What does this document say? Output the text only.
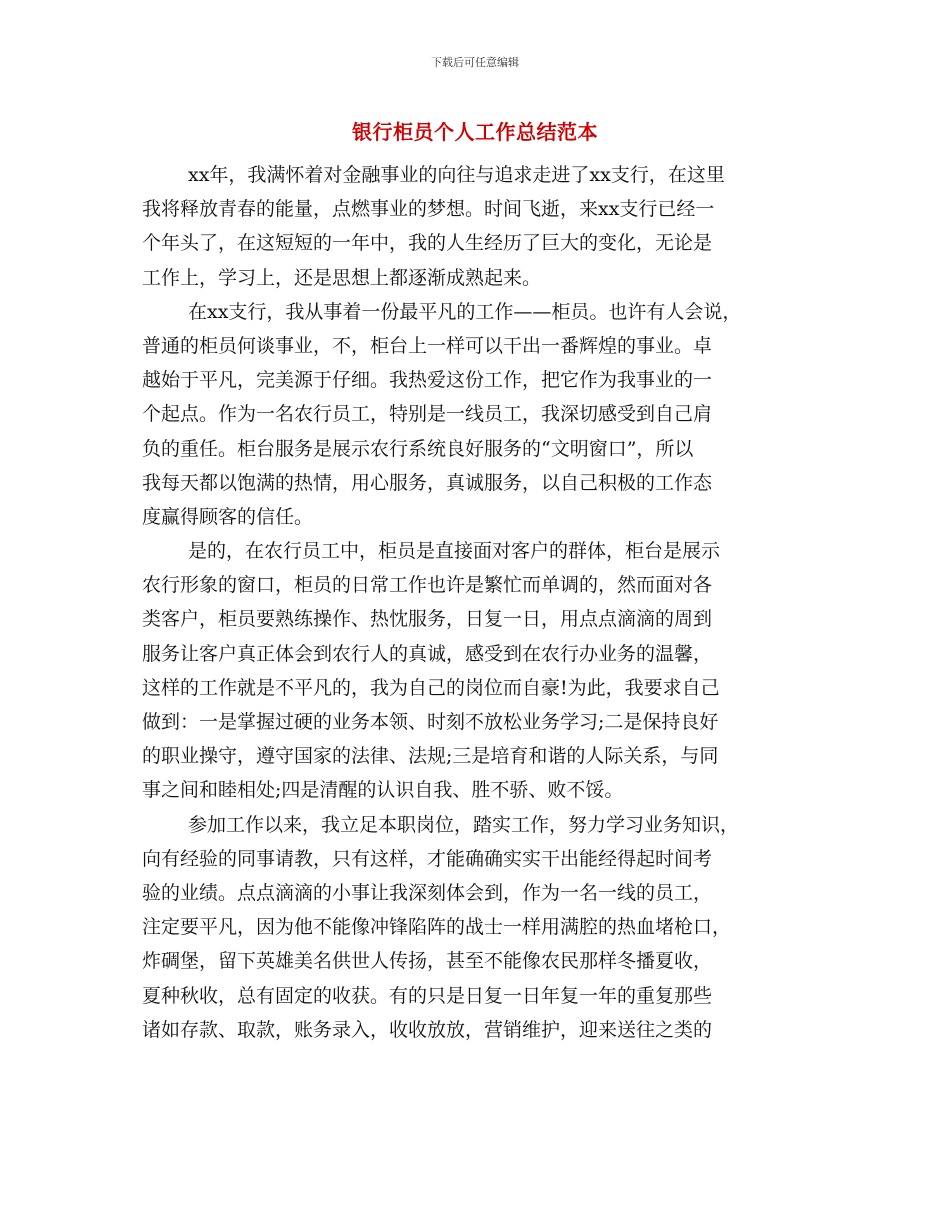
下载后可任意编辑
银行柜员个人工作总结范本
xx年，我满怀着对金融事业的向往与追求走进了xx支行，在这里
我将释放青春的能量，点燃事业的梦想。时间飞逝，来xx支行已经一
个年头了，在这短短的一年中，我的人生经历了巨大的变化，无论是
工作上，学习上，还是思想上都逐渐成熟起来。
在xx支行，我从事着一份最平凡的工作——柜员。也许有人会说，
普通的柜员何谈事业，不，柜台上一样可以干出一番辉煌的事业。卓
越始于平凡，完美源于仔细。我热爱这份工作，把它作为我事业的一
个起点。作为一名农行员工，特别是一线员工，我深切感受到自己肩
负的重任。柜台服务是展示农行系统良好服务的“文明窗口”，所以
我每天都以饱满的热情，用心服务，真诚服务，以自己积极的工作态
度赢得顾客的信任。
是的，在农行员工中，柜员是直接面对客户的群体，柜台是展示
农行形象的窗口，柜员的日常工作也许是繁忙而单调的，然而面对各
类客户，柜员要熟练操作、热忱服务，日复一日，用点点滴滴的周到
服务让客户真正体会到农行人的真诚，感受到在农行办业务的温馨，
这样的工作就是不平凡的，我为自己的岗位而自豪!为此，我要求自己
做到：一是掌握过硬的业务本领、时刻不放松业务学习;二是保持良好
的职业操守，遵守国家的法律、法规;三是培育和谐的人际关系，与同
事之间和睦相处;四是清醒的认识自我、胜不骄、败不馁。
参加工作以来，我立足本职岗位，踏实工作，努力学习业务知识，
向有经验的同事请教，只有这样，才能确确实实干出能经得起时间考
验的业绩。点点滴滴的小事让我深刻体会到，作为一名一线的员工，
注定要平凡，因为他不能像冲锋陷阵的战士一样用满腔的热血堵枪口，
炸碉堡，留下英雄美名供世人传扬，甚至不能像农民那样冬播夏收，
夏种秋收，总有固定的收获。有的只是日复一日年复一年的重复那些
诸如存款、取款，账务录入，收收放放，营销维护，迎来送往之类的
